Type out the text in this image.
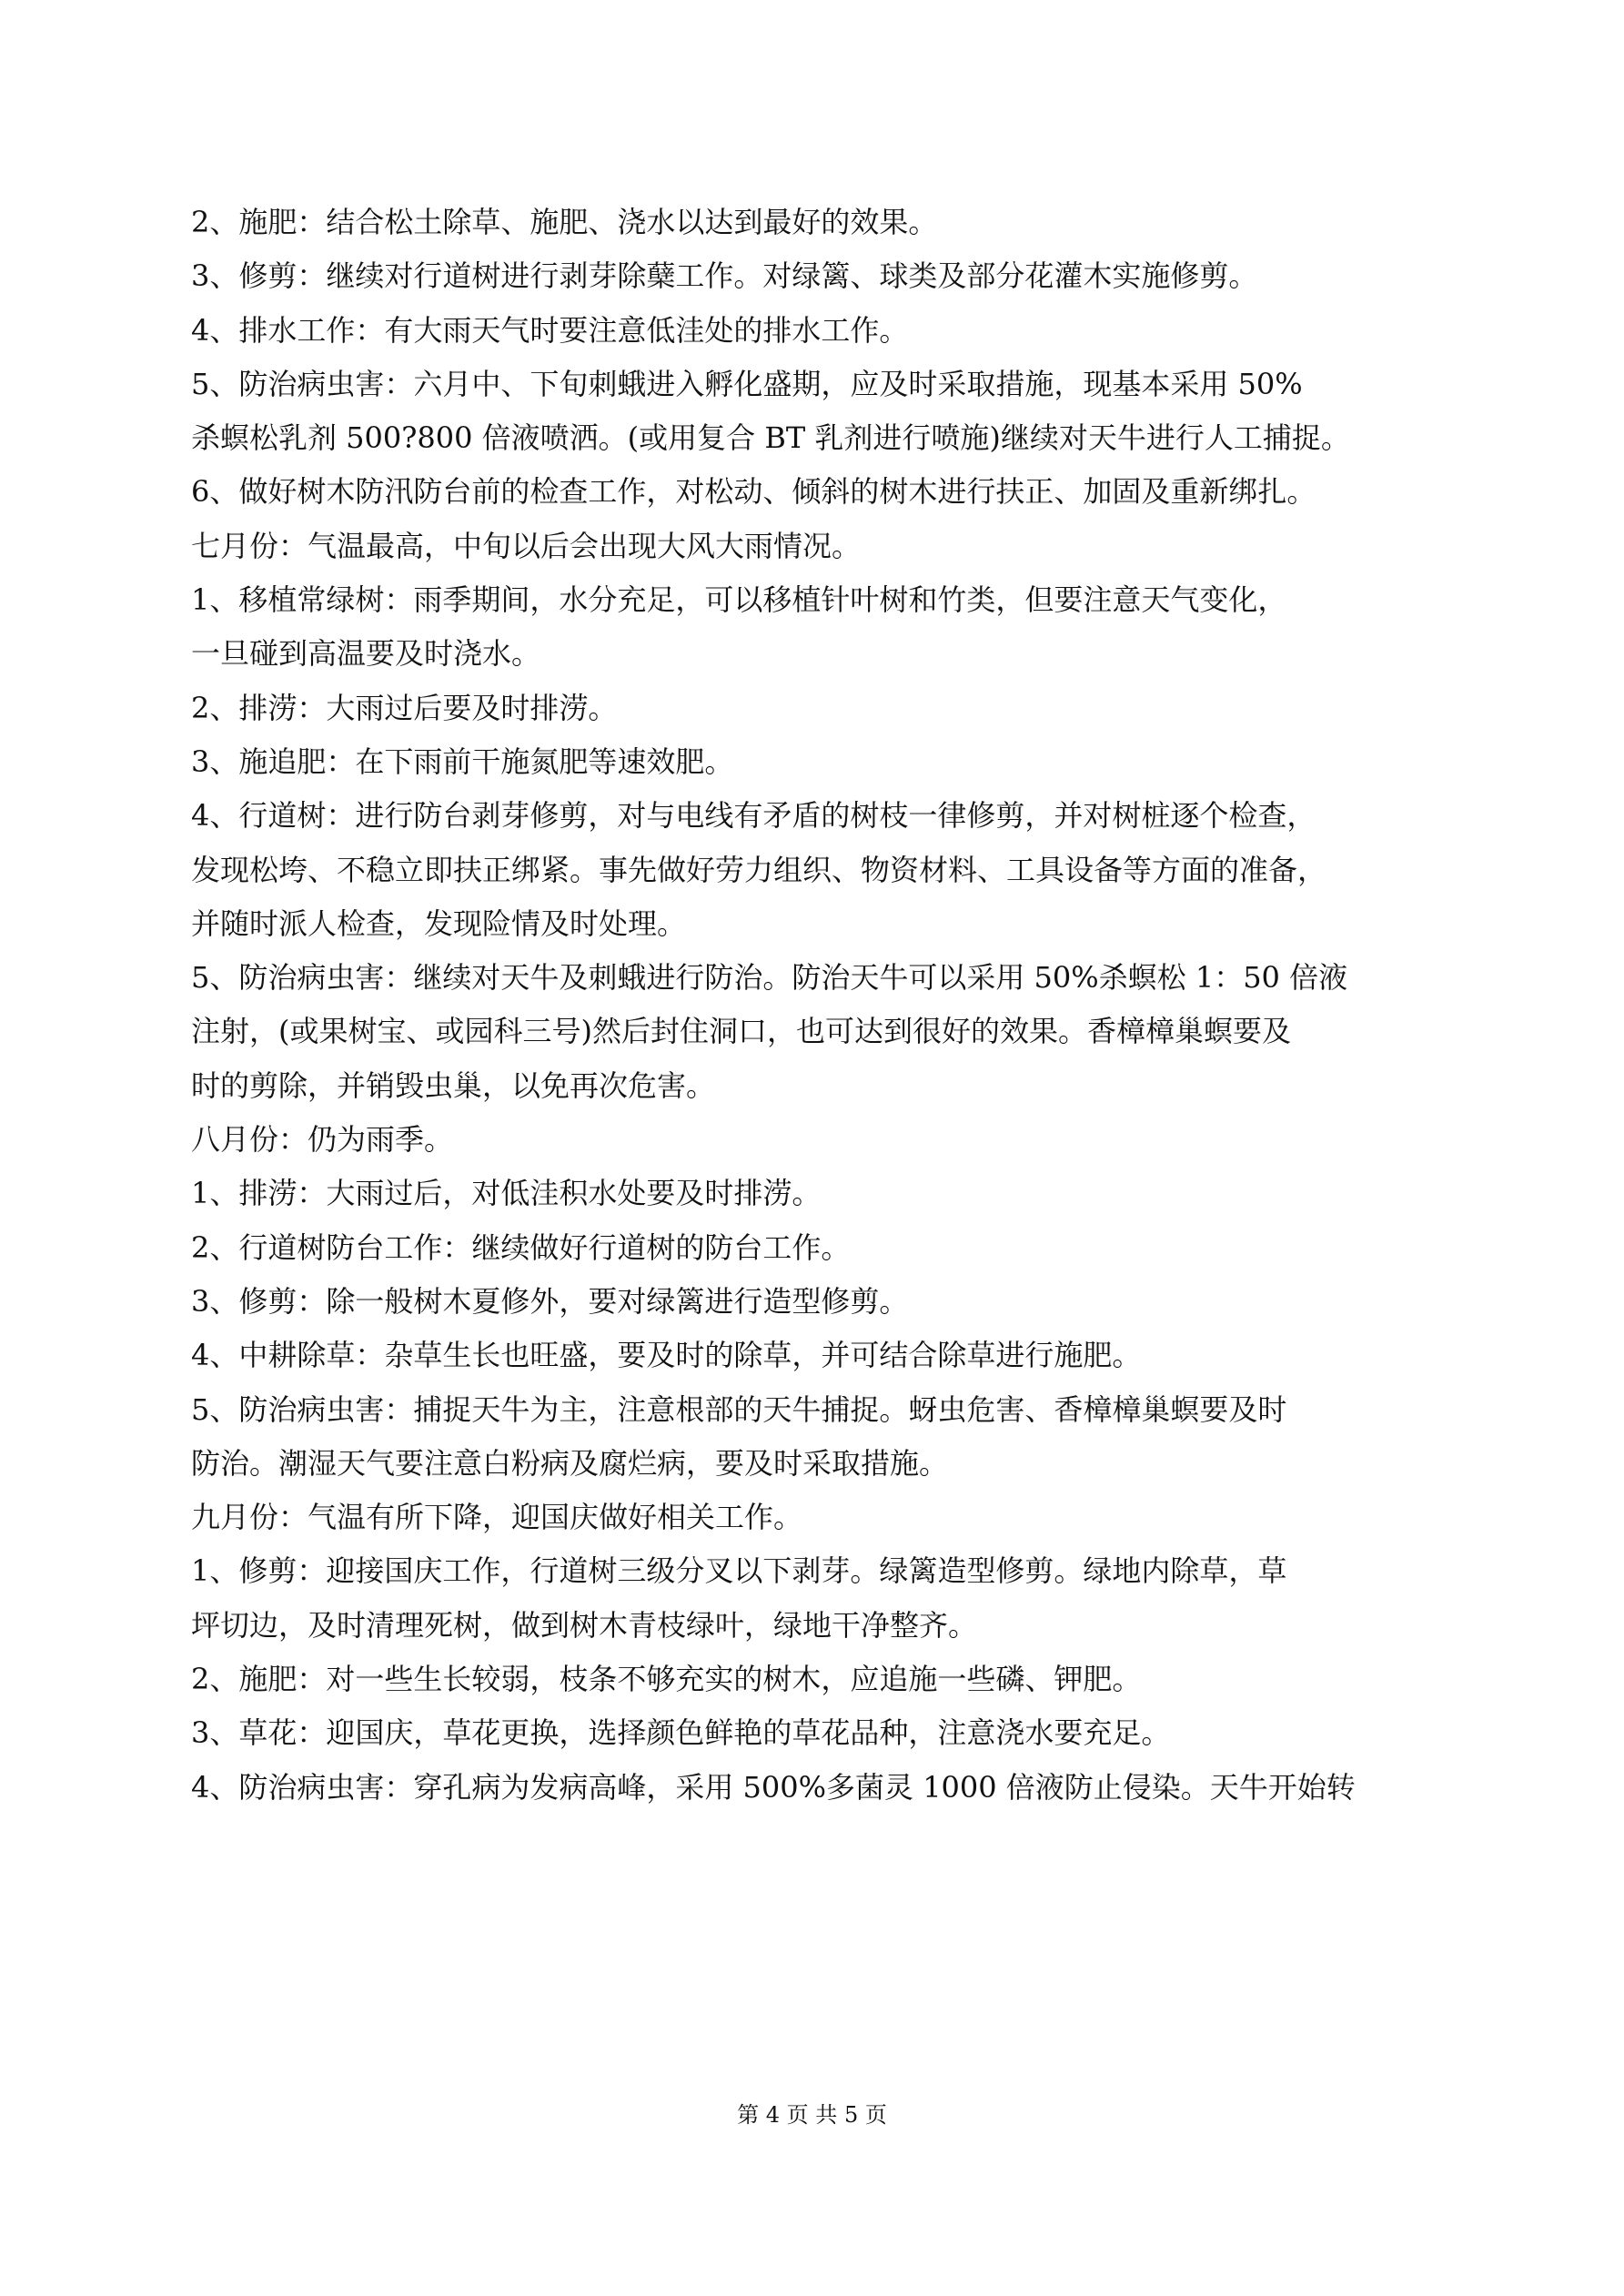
2、施肥：结合松土除草、施肥、浇水以达到最好的效果。

3、修剪：继续对行道树进行剥芽除蘖工作。对绿篱、球类及部分花灌木实施修剪。

4、排水工作：有大雨天气时要注意低洼处的排水工作。

5、防治病虫害：六月中、下旬刺蛾进入孵化盛期，应及时采取措施，现基本采用 50%

杀螟松乳剂 500?800 倍液喷洒。(或用复合 BT 乳剂进行喷施)继续对天牛进行人工捕捉。

6、做好树木防汛防台前的检查工作，对松动、倾斜的树木进行扶正、加固及重新绑扎。

七月份：气温最高，中旬以后会出现大风大雨情况。

1、移植常绿树：雨季期间，水分充足，可以移植针叶树和竹类，但要注意天气变化，

一旦碰到高温要及时浇水。

2、排涝：大雨过后要及时排涝。

3、施追肥：在下雨前干施氮肥等速效肥。

4、行道树：进行防台剥芽修剪，对与电线有矛盾的树枝一律修剪，并对树桩逐个检查，

发现松垮、不稳立即扶正绑紧。事先做好劳力组织、物资材料、工具设备等方面的准备，

并随时派人检查，发现险情及时处理。

5、防治病虫害：继续对天牛及刺蛾进行防治。防治天牛可以采用 50%杀螟松 1：50 倍液

注射，(或果树宝、或园科三号)然后封住洞口，也可达到很好的效果。香樟樟巢螟要及

时的剪除，并销毁虫巢，以免再次危害。

八月份：仍为雨季。

1、排涝：大雨过后，对低洼积水处要及时排涝。

2、行道树防台工作：继续做好行道树的防台工作。

3、修剪：除一般树木夏修外，要对绿篱进行造型修剪。

4、中耕除草：杂草生长也旺盛，要及时的除草，并可结合除草进行施肥。

5、防治病虫害：捕捉天牛为主，注意根部的天牛捕捉。蚜虫危害、香樟樟巢螟要及时

防治。潮湿天气要注意白粉病及腐烂病，要及时采取措施。

九月份：气温有所下降，迎国庆做好相关工作。

1、修剪：迎接国庆工作，行道树三级分叉以下剥芽。绿篱造型修剪。绿地内除草，草

坪切边，及时清理死树，做到树木青枝绿叶，绿地干净整齐。

2、施肥：对一些生长较弱，枝条不够充实的树木，应追施一些磷、钾肥。

3、草花：迎国庆，草花更换，选择颜色鲜艳的草花品种，注意浇水要充足。

4、防治病虫害：穿孔病为发病高峰，采用 500%多菌灵 1000 倍液防止侵染。天牛开始转

第 4 页 共 5 页
